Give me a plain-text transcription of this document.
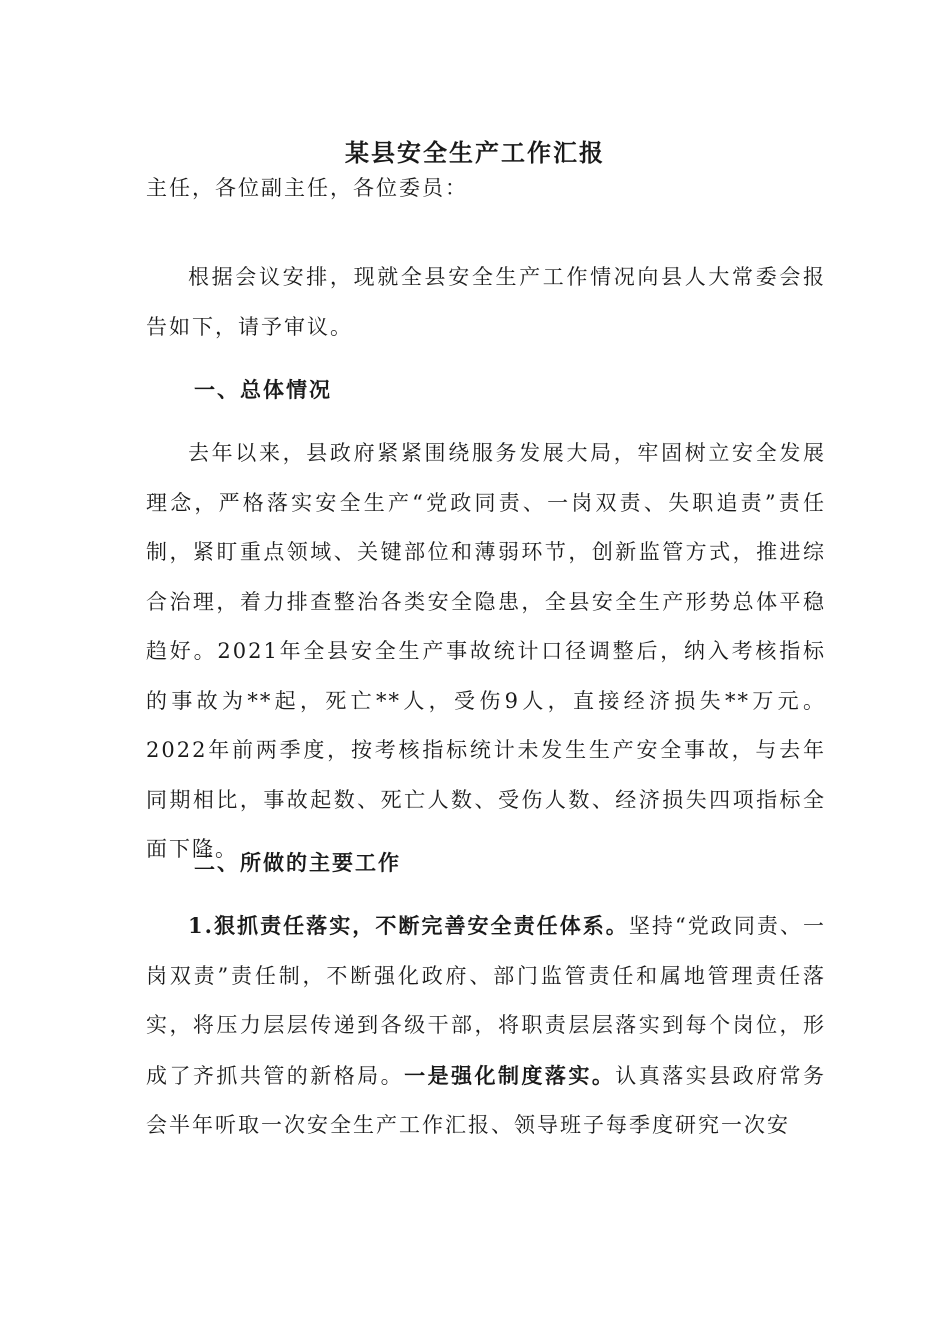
某县安全生产工作汇报

主任，各位副主任，各位委员：

根据会议安排，现就全县安全生产工作情况向县人大常委会报告如下，请予审议。

一、总体情况

去年以来，县政府紧紧围绕服务发展大局，牢固树立安全发展理念，严格落实安全生产“党政同责、一岗双责、失职追责”责任制，紧盯重点领域、关键部位和薄弱环节，创新监管方式，推进综合治理，着力排查整治各类安全隐患，全县安全生产形势总体平稳趋好。2021年全县安全生产事故统计口径调整后，纳入考核指标的事故为**起，死亡**人，受伤9人，直接经济损失**万元。2022年前两季度，按考核指标统计未发生生产安全事故，与去年同期相比，事故起数、死亡人数、受伤人数、经济损失四项指标全面下降。

二、所做的主要工作

1.狠抓责任落实，不断完善安全责任体系。坚持“党政同责、一岗双责”责任制，不断强化政府、部门监管责任和属地管理责任落实，将压力层层传递到各级干部，将职责层层落实到每个岗位，形成了齐抓共管的新格局。一是强化制度落实。认真落实县政府常务会半年听取一次安全生产工作汇报、领导班子每季度研究一次安
